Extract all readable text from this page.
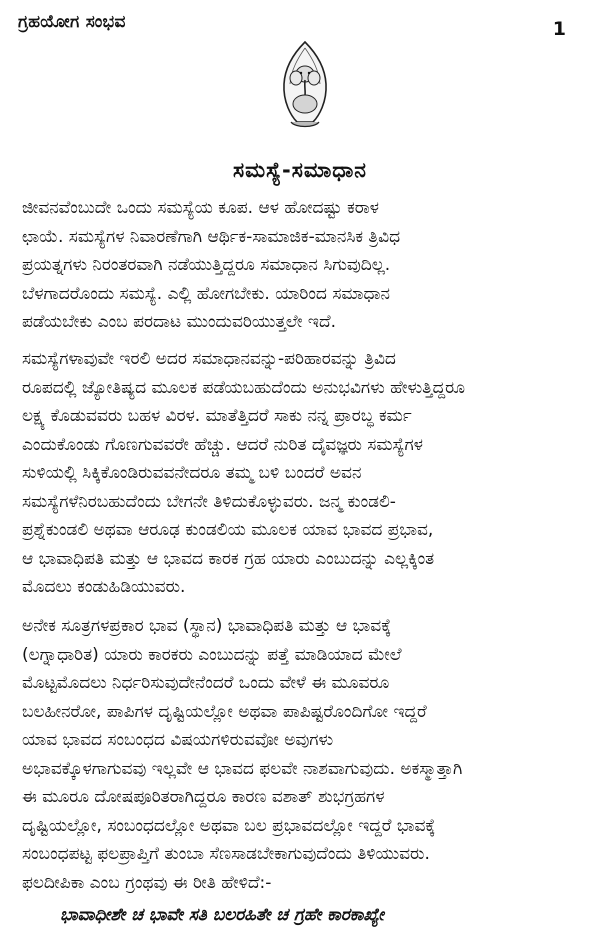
ಗ್ರಹಯೋಗ ಸಂಭವ	1
ಸಮಸ್ಯೆ-ಸಮಾಧಾನ
ಜೀವನವೆಂಬುದೇ ಒಂದು ಸಮಸ್ಯೆಯ ಕೂಪ. ಆಳ ಹೋದಷ್ಟು ಕರಾಳ
ಛಾಯೆ. ಸಮಸ್ಯೆಗಳ ನಿವಾರಣೆಗಾಗಿ ಆರ್ಥಿಕ-ಸಾಮಾಜಿಕ-ಮಾನಸಿಕ ತ್ರಿವಿಧ
ಪ್ರಯತ್ನಗಳು ನಿರಂತರವಾಗಿ ನಡೆಯುತ್ತಿದ್ದರೂ ಸಮಾಧಾನ ಸಿಗುವುದಿಲ್ಲ.
ಬೆಳಗಾದರೊಂದು ಸಮಸ್ಯೆ. ಎಲ್ಲಿ ಹೋಗಬೇಕು. ಯಾರಿಂದ ಸಮಾಧಾನ
ಪಡೆಯಬೇಕು ಎಂಬ ಪರದಾಟ ಮುಂದುವರಿಯುತ್ತಲೇ ಇದೆ.
ಸಮಸ್ಯೆಗಳಾವುವೇ ಇರಲಿ ಅದರ ಸಮಾಧಾನವನ್ನು-ಪರಿಹಾರವನ್ನು ತ್ರಿವಿದ
ರೂಪದಲ್ಲಿ ಜ್ಯೋತಿಷ್ಯದ ಮೂಲಕ ಪಡೆಯಬಹುದೆಂದು ಅನುಭವಿಗಳು ಹೇಳುತ್ತಿದ್ದರೂ
ಲಕ್ಷ್ಯ ಕೊಡುವವರು ಬಹಳ ವಿರಳ. ಮಾತೆತ್ತಿದರೆ ಸಾಕು ನನ್ನ ಪ್ರಾರಬ್ಧ ಕರ್ಮ
ಎಂದುಕೊಂಡು ಗೊಣಗುವವರೇ ಹೆಚ್ಚು. ಆದರೆ ನುರಿತ ದೈವಜ್ಞರು ಸಮಸ್ಯೆಗಳ
ಸುಳಿಯಲ್ಲಿ ಸಿಕ್ಕಿಕೊಂಡಿರುವವನೇದರೂ ತಮ್ಮ ಬಳಿ ಬಂದರೆ ಅವನ
ಸಮಸ್ಯೆಗಳೆನಿರಬಹುದೆಂದು ಬೇಗನೇ ತಿಳಿದುಕೊಳ್ಳುವರು. ಜನ್ಮ ಕುಂಡಲಿ-
ಪ್ರಶ್ನೆಕುಂಡಲಿ ಅಥವಾ ಆರೂಢ ಕುಂಡಲಿಯ ಮೂಲಕ ಯಾವ ಭಾವದ ಪ್ರಭಾವ,
ಆ ಭಾವಾಧಿಪತಿ ಮತ್ತು ಆ ಭಾವದ ಕಾರಕ ಗ್ರಹ ಯಾರು ಎಂಬುದನ್ನು ಎಲ್ಲಕ್ಕಿಂತ
ಮೊದಲು ಕಂಡುಹಿಡಿಯುವರು.
ಅನೇಕ ಸೂತ್ರಗಳಪ್ರಕಾರ ಭಾವ (ಸ್ಥಾನ) ಭಾವಾಧಿಪತಿ ಮತ್ತು ಆ ಭಾವಕ್ಕೆ
(ಲಗ್ನಾಧಾರಿತ) ಯಾರು ಕಾರಕರು ಎಂಬುದನ್ನು ಪತ್ತೆ ಮಾಡಿಯಾದ ಮೇಲೆ
ಮೊಟ್ಟಮೊದಲು ನಿರ್ಧರಿಸುವುದೇನೆಂದರೆ ಒಂದು ವೇಳೆ ಈ ಮೂವರೂ
ಬಲಹೀನರೋ, ಪಾಪಿಗಳ ದೃಷ್ಟಿಯಲ್ಲೋ ಅಥವಾ ಪಾಪಿಷ್ಟರೊಂದಿಗೋ ಇದ್ದರೆ
ಯಾವ ಭಾವದ ಸಂಬಂಧದ ವಿಷಯಗಳಿರುವವೋ ಅವುಗಳು
ಅಭಾವಕ್ಕೊಳಗಾಗುವವು ಇಲ್ಲವೇ ಆ ಭಾವದ ಫಲವೇ ನಾಶವಾಗುವುದು. ಅಕಸ್ಮಾತ್ತಾಗಿ
ಈ ಮೂರೂ ದೋಷಪೂರಿತರಾಗಿದ್ದರೂ ಕಾರಣ ವಶಾತ್ ಶುಭಗ್ರಹಗಳ
ದೃಷ್ಟಿಯಲ್ಲೋ, ಸಂಬಂಧದಲ್ಲೋ ಅಥವಾ ಬಲ ಪ್ರಭಾವದಲ್ಲೋ ಇದ್ದರೆ ಭಾವಕ್ಕೆ
ಸಂಬಂಧಪಟ್ಟ ಫಲಪ್ರಾಪ್ತಿಗೆ ತುಂಬಾ ಸೆಣಸಾಡಬೇಕಾಗುವುದೆಂದು ತಿಳಿಯುವರು.
ಫಲದೀಪಿಕಾ ಎಂಬ ಗ್ರಂಥವು ಈ ರೀತಿ ಹೇಳಿದೆ:-
ಭಾವಾಧೀಶೇ ಚ ಭಾವೇ ಸತಿ ಬಲರಹಿತೇ ಚ ಗ್ರಹೇ ಕಾರಕಾಖ್ಯೇ
